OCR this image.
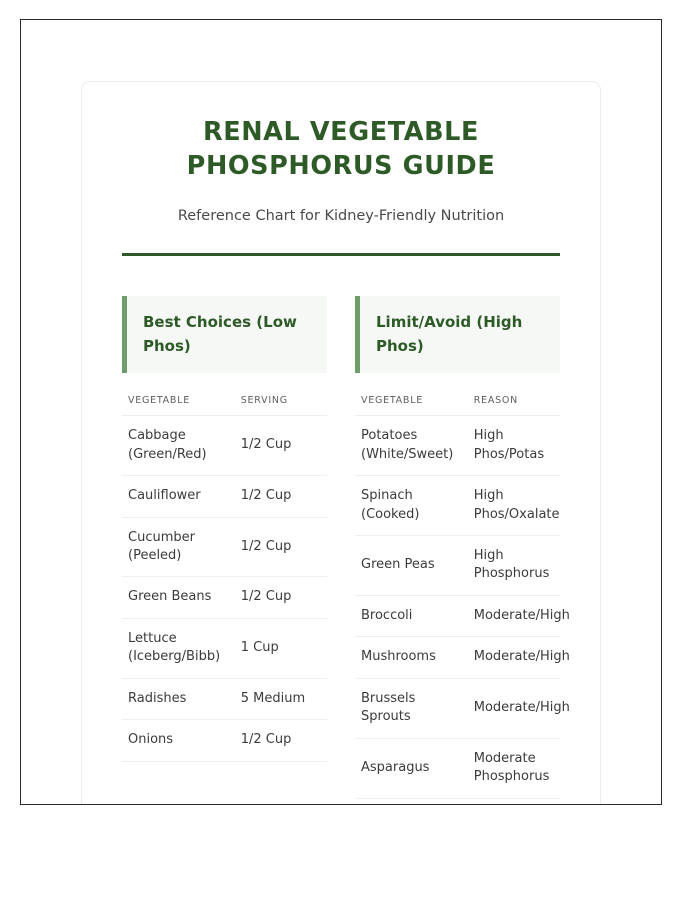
RENAL VEGETABLE PHOSPHORUS GUIDE

Reference Chart for Kidney-Friendly Nutrition

Best Choices (Low Phos)
VEGETABLE	SERVING
Cabbage (Green/Red)	1/2 Cup
Cauliflower	1/2 Cup
Cucumber (Peeled)	1/2 Cup
Green Beans	1/2 Cup
Lettuce (Iceberg/Bibb)	1 Cup
Radishes	5 Medium
Onions	1/2 Cup
Limit/Avoid (High Phos)
VEGETABLE	REASON
Potatoes (White/Sweet)	High Phos/Potas
Spinach (Cooked)	High Phos/Oxalate
Green Peas	High Phosphorus
Broccoli	Moderate/High
Mushrooms	Moderate/High
Brussels Sprouts	Moderate/High
Asparagus	Moderate Phosphorus
